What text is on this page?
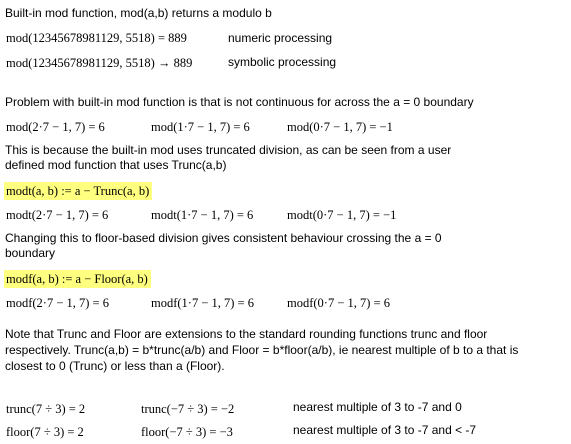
Built-in mod function, mod(a,b) returns a modulo b
mod(12345678981129, 5518) = 889	numeric processing
mod(12345678981129, 5518) → 889	symbolic processing
Problem with built-in mod function is that is not continuous for across the a = 0 boundary
mod(2·7 − 1, 7) = 6	mod(1·7 − 1, 7) = 6	mod(0·7 − 1, 7) = −1
This is because the built-in mod uses truncated division, as can be seen from a user
defined mod function that uses Trunc(a,b)
modt(a, b) := a − Trunc(a, b)
modt(2·7 − 1, 7) = 6	modt(1·7 − 1, 7) = 6	modt(0·7 − 1, 7) = −1
Changing this to floor-based division gives consistent behaviour crossing the a = 0
boundary
modf(a, b) := a − Floor(a, b)
modf(2·7 − 1, 7) = 6	modf(1·7 − 1, 7) = 6	modf(0·7 − 1, 7) = 6
Note that Trunc and Floor are extensions to the standard rounding functions trunc and floor
respectively. Trunc(a,b) = b*trunc(a/b) and Floor = b*floor(a/b), ie nearest multiple of b to a that is
closest to 0 (Trunc) or less than a (Floor).
trunc(7 ÷ 3) = 2	trunc(−7 ÷ 3) = −2	nearest multiple of 3 to -7 and 0
floor(7 ÷ 3) = 2	floor(−7 ÷ 3) = −3	nearest multiple of 3 to -7 and < -7
